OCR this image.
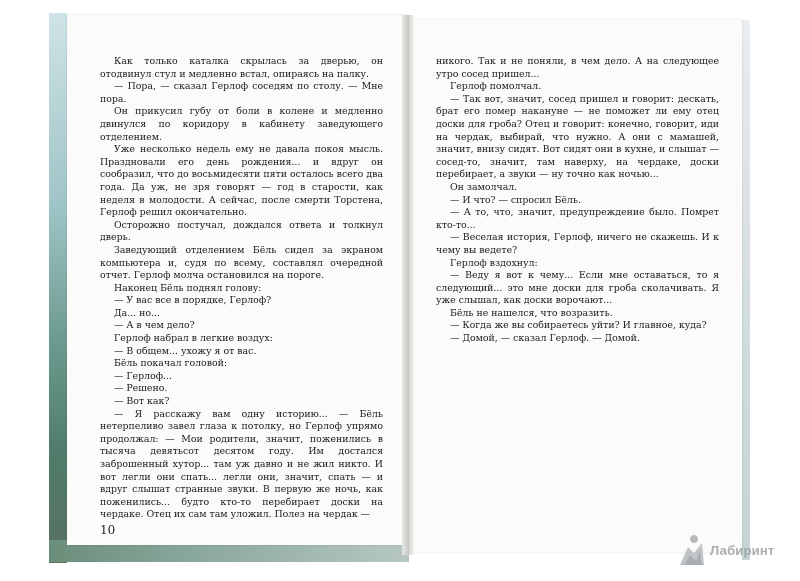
Как только каталка скрылась за дверью, он отодвинул стул и медленно встал, опираясь на палку.

— Пора, — сказал Герлоф соседям по столу. — Мне пора.

Он прикусил губу от боли в колене и медленно двинулся по коридору в кабинету заведующего отделением.

Уже несколько недель ему не давала покоя мысль. Праздновали его день рождения... и вдруг он сообразил, что до восьмидесяти пяти осталось всего два года. Да уж, не зря говорят — год в старости, как неделя в молодости. А сейчас, после смерти Торстена, Герлоф решил окончательно.

Осторожно постучал, дождался ответа и толкнул дверь.

Заведующий отделением Бёль сидел за экраном компьютера и, судя по всему, составлял очередной отчет. Герлоф молча остановился на пороге.

Наконец Бёль поднял голову:

— У вас все в порядке, Герлоф?

Да... но...

— А в чем дело?

Герлоф набрал в легкие воздух:

— В общем... ухожу я от вас.

Бёль покачал головой:

— Герлоф...

— Решено.

— Вот как?

— Я расскажу вам одну историю... — Бёль нетерпеливо завел глаза к потолку, но Герлоф упрямо продолжал: — Мои родители, значит, поженились в тысяча девятьсот десятом году. Им достался заброшенный хутор... там уж давно и не жил никто. И вот легли они спать... легли они, значит, спать — и вдруг слышат странные звуки. В первую же ночь, как поженились... будто кто-то перебирает доски на чердаке. Отец их сам там уложил. Полез на чердак —

10

никого. Так и не поняли, в чем дело. А на следующее утро сосед пришел...

Герлоф помолчал.

— Так вот, значит, сосед пришел и говорит: дескать, брат его помер накануне — не поможет ли ему отец доски для гроба? Отец и говорит: конечно, говорит, иди на чердак, выбирай, что нужно. А они с мамашей, значит, внизу сидят. Вот сидят они в кухне, и слышат — сосед-то, значит, там наверху, на чердаке, доски перебирает, а звуки — ну точно как ночью...

Он замолчал.

— И что? — спросил Бёль.

— А то, что, значит, предупреждение было. Помрет кто-то...

— Веселая история, Герлоф, ничего не скажешь. И к чему вы ведете?

Герлоф вздохнул:

— Веду я вот к чему... Если мне оставаться, то я следующий... это мне доски для гроба сколачивать. Я уже слышал, как доски ворочают...

Бёль не нашелся, что возразить.

— Когда же вы собираетесь уйти? И главное, куда?

— Домой, — сказал Герлоф. — Домой.

Лабиринт
